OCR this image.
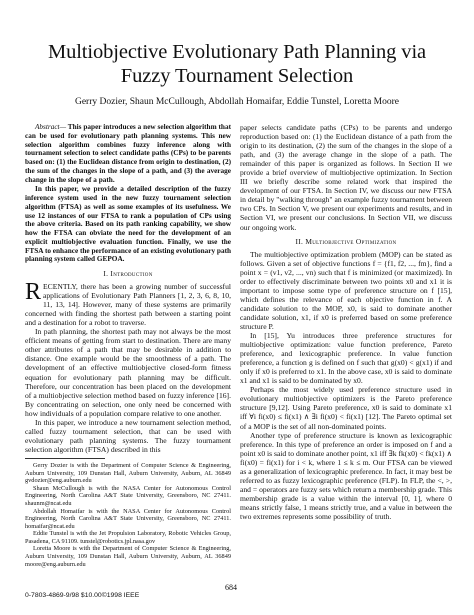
Multiobjective Evolutionary Path Planning via
Fuzzy Tournament Selection
Gerry Dozier, Shaun McCullough, Abdollah Homaifar, Eddie Tunstel, Loretta Moore

Abstract— This paper introduces a new selection algorithm that can be used for evolutionary path planning systems. This new selection algorithm combines fuzzy inference along with tournament selection to select candidate paths (CPs) to be parents based on: (1) the Euclidean distance from origin to destination, (2) the sum of the changes in the slope of a path, and (3) the average change in the slope of a path.

In this paper, we provide a detailed description of the fuzzy inference system used in the new fuzzy tournament selection algorithm (FTSA) as well as some examples of its usefulness. We use 12 instances of our FTSA to rank a population of CPs using the above criteria. Based on its path ranking capability, we show how the FTSA can obviate the need for the development of an explicit multiobjective evaluation function. Finally, we use the FTSA to enhance the performance of an existing evolutionary path planning system called GEPOA.

I. Introduction

RECENTLY, there has been a growing number of successful applications of Evolutionary Path Planners [1, 2, 3, 6, 8, 10, 11, 13, 14]. However, many of these systems are primarily concerned with finding the shortest path between a starting point and a destination for a robot to traverse.

In path planning, the shortest path may not always be the most efficient means of getting from start to destination. There are many other attributes of a path that may be desirable in addition to distance. One example would be the smoothness of a path. The development of an effective multiobjective closed-form fitness equation for evolutionary path planning may be difficult. Therefore, our concentration has been placed on the development of a multiobjective selection method based on fuzzy inference [16]. By concentrating on selection, one only need be concerned with how individuals of a population compare relative to one another.

In this paper, we introduce a new tournament selection method, called fuzzy tournament selection, that can be used with evolutionary path planning systems. The fuzzy tournament selection algorithm (FTSA) described in this

Gerry Dozier is with the Department of Computer Science & Engineering, Auburn University, 109 Dunstan Hall, Auburn University, Auburn, AL 36849 gvdozier@eng.auburn.edu

Shaun McCullough is with the NASA Center for Autonomous Control Engineering, North Carolina A&T State University, Greensboro, NC 27411. shaunm@ncat.edu

Abdollah Homaifar is with the NASA Center for Autonomous Control Engineering, North Carolina A&T State University, Greensboro, NC 27411. homaifar@ncat.edu

Eddie Tunstel is with the Jet Propulsion Laboratory, Robotic Vehicles Group, Pasadena, CA 91109. tunstel@robotics.jpl.nasa.gov

Loretta Moore is with the Department of Computer Science & Engineering, Auburn University, 109 Dunstan Hall, Auburn University, Auburn, AL 36849 moore@eng.auburn.edu

paper selects candidate paths (CPs) to be parents and undergo reproduction based on: (1) the Euclidean distance of a path from the origin to its destination, (2) the sum of the changes in the slope of a path, and (3) the average change in the slope of a path. The remainder of this paper is organized as follows. In Section II we provide a brief overview of multiobjective optimization. In Section III we briefly describe some related work that inspired the development of our FTSA. In Section IV, we discuss our new FTSA in detail by "walking through" an example fuzzy tournament between two CPs. In Section V, we present our experiments and results, and in Section VI, we present our conclusions. In Section VII, we discuss our ongoing work.

II. Multiobjective Optimization

The multiobjective optimization problem (MOP) can be stated as follows. Given a set of objective functions f = {f1, f2, ..., fm}, find a point x = (v1, v2, ..., vn) such that f is minimized (or maximized). In order to effectively discriminate between two points x0 and x1 it is important to impose some type of preference structure on f [15], which defines the relevance of each objective function in f. A candidate solution to the MOP, x0, is said to dominate another candidate solution, x1, if x0 is preferred based on some preference structure P.

In [15], Yu introduces three preference structures for multiobjective optimization: value function preference, Pareto preference, and lexicographic preference. In value function preference, a function g is defined on f such that g(x0) < g(x1) if and only if x0 is preferred to x1. In the above case, x0 is said to dominate x1 and x1 is said to be dominated by x0.

Perhaps the most widely used preference structure used in evolutionary multiobjective optimizers is the Pareto preference structure [9,12]. Using Pareto preference, x0 is said to dominate x1 iff ∀i fi(x0) ≤ fi(x1) ∧ ∃i fi(x0) < fi(x1) [12]. The Pareto optimal set of a MOP is the set of all non-dominated points.

Another type of preference structure is known as lexicographic preference. In this type of preference an order is imposed on f and a point x0 is said to dominate another point, x1 iff ∃k fk(x0) < fk(x1) ∧ fi(x0) = fi(x1) for i < k, where 1 ≤ k ≤ m. Our FTSA can be viewed as a generalization of lexicographic preference. In fact, it may best be referred to as fuzzy lexicographic preference (FLP). In FLP, the <, >, and = operators are fuzzy sets which return a membership grade. This membership grade is a value within the interval [0, 1], where 0 means strictly false, 1 means strictly true, and a value in between the two extremes represents some possibility of truth.

0-7803-4869-9/98 $10.00©1998 IEEE
684
